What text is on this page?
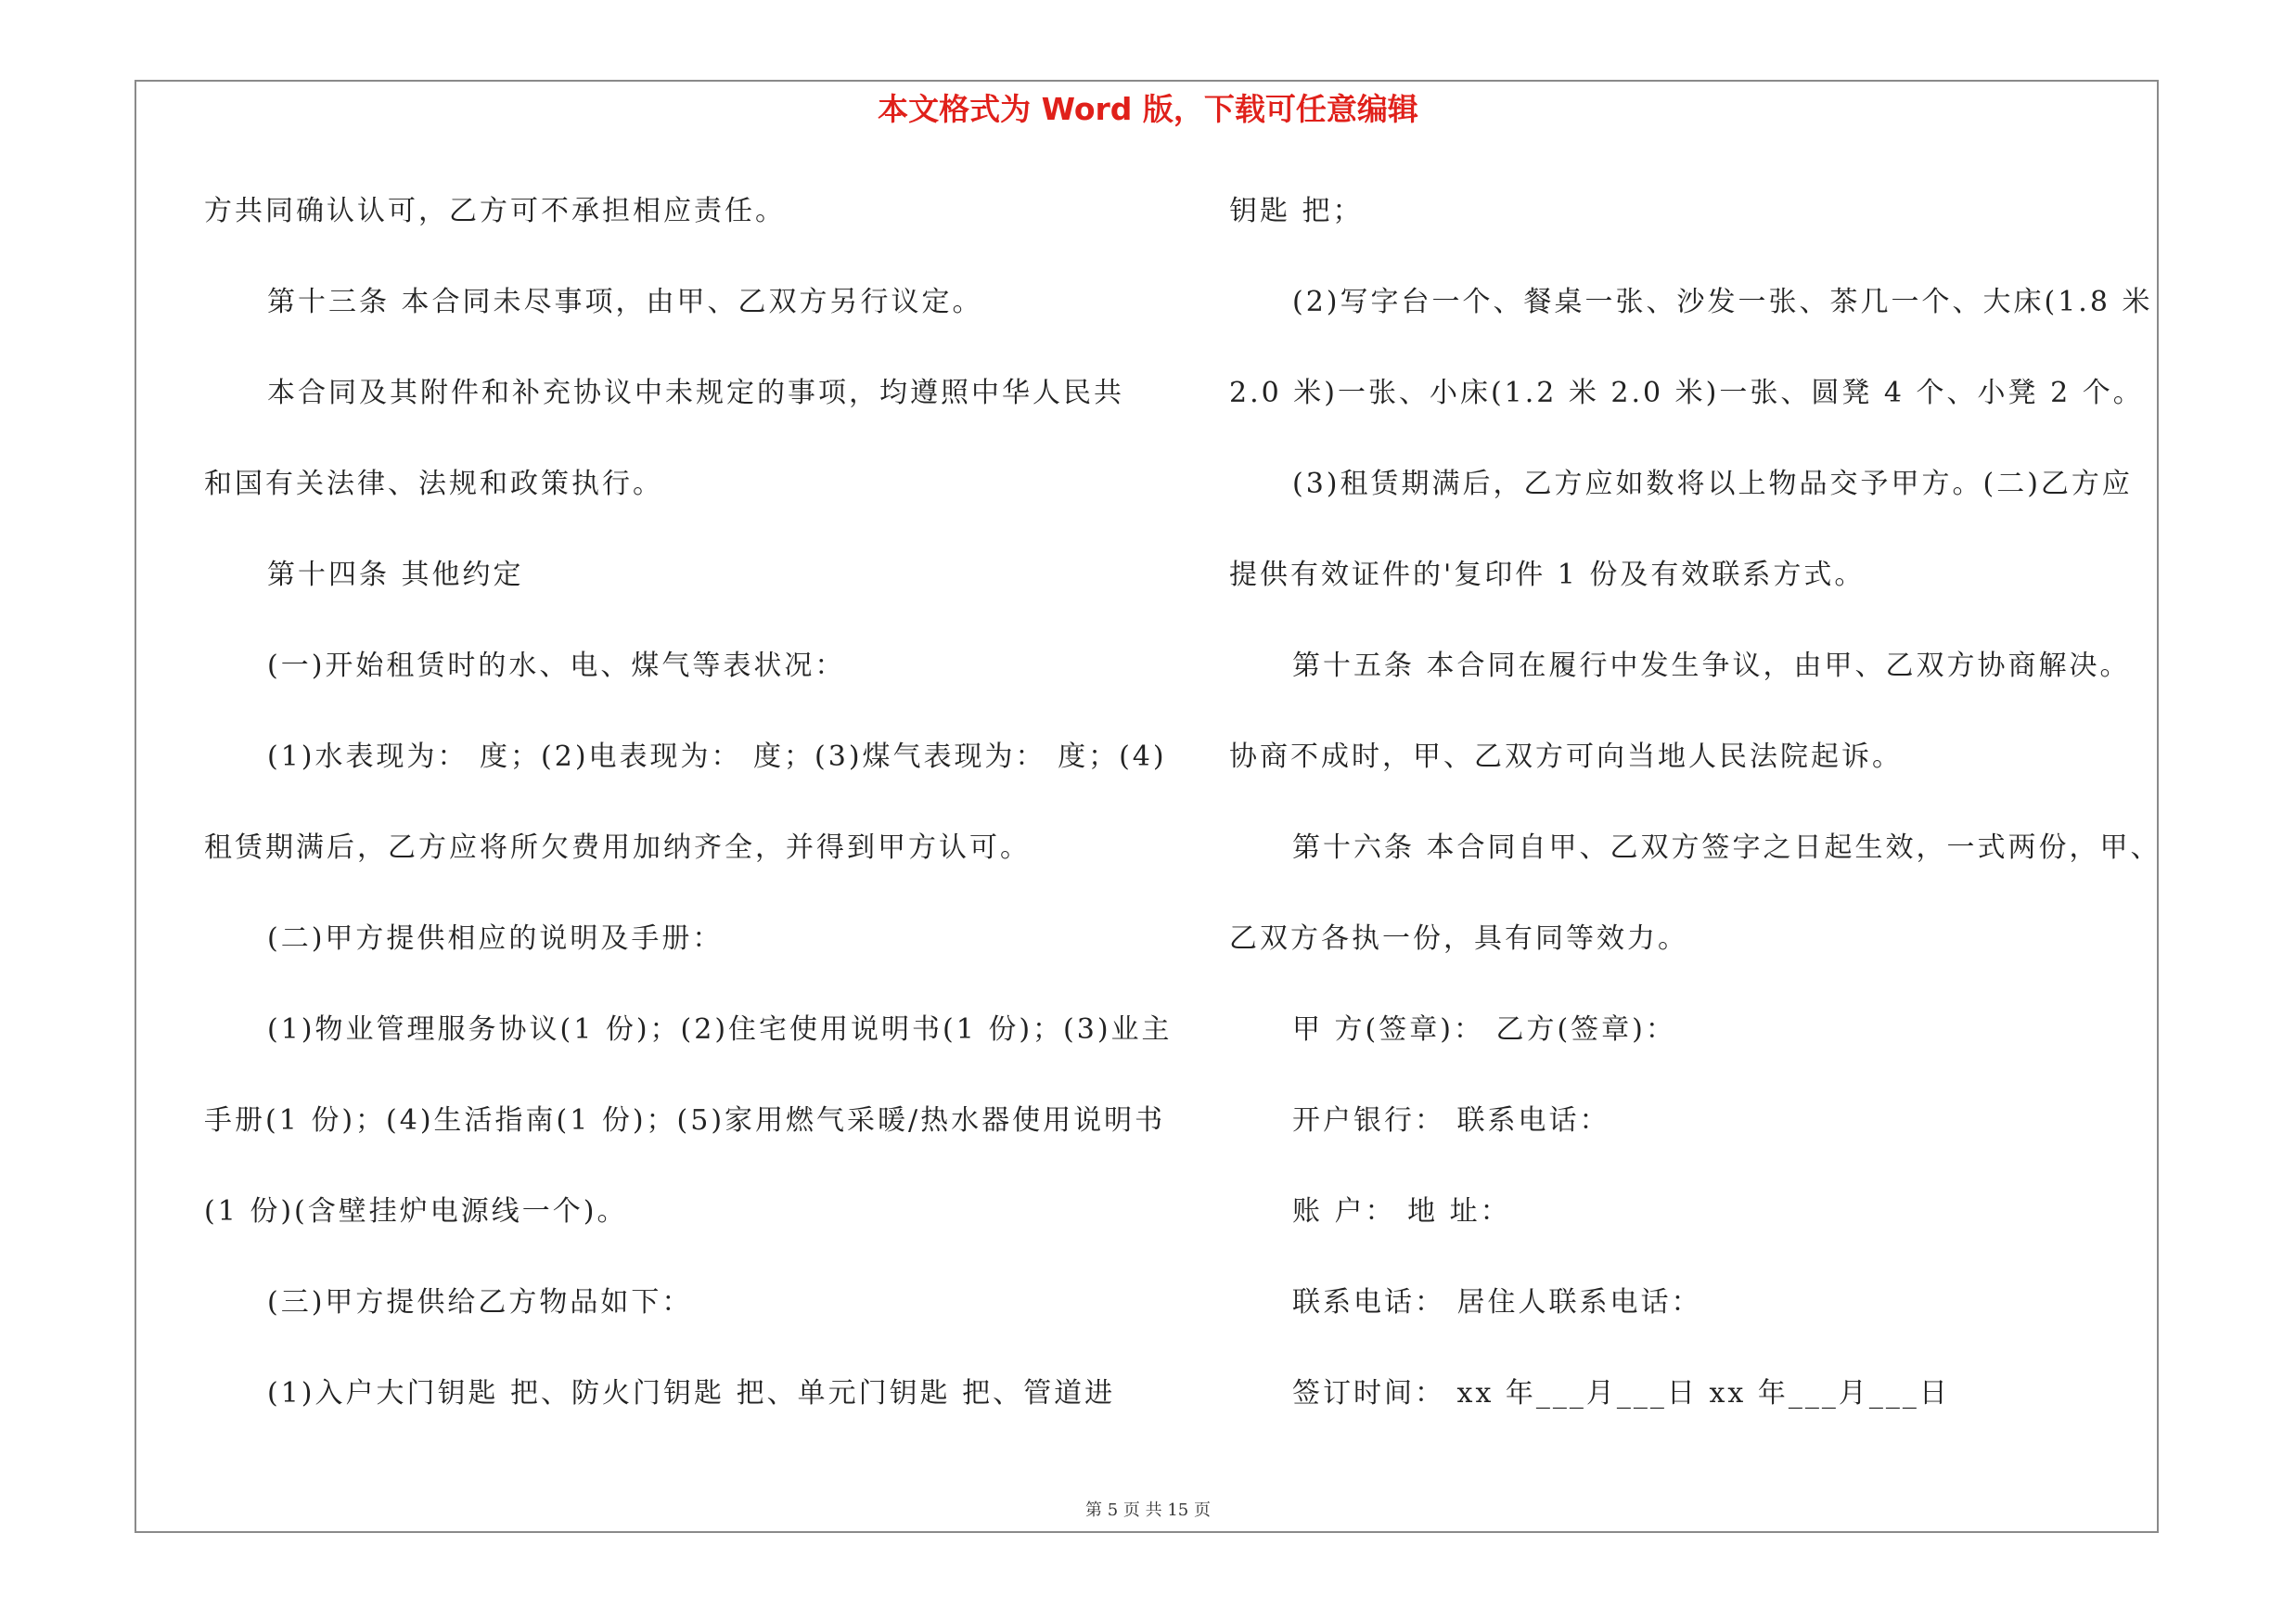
本文格式为 Word 版，下载可任意编辑
方共同确认认可，乙方可不承担相应责任。
第十三条 本合同未尽事项，由甲、乙双方另行议定。
本合同及其附件和补充协议中未规定的事项，均遵照中华人民共
和国有关法律、法规和政策执行。
第十四条 其他约定
(一)开始租赁时的水、电、煤气等表状况：
(1)水表现为： 度；(2)电表现为： 度；(3)煤气表现为： 度；(4)
租赁期满后，乙方应将所欠费用加纳齐全，并得到甲方认可。
(二)甲方提供相应的说明及手册：
(1)物业管理服务协议(1 份)；(2)住宅使用说明书(1 份)；(3)业主
手册(1 份)；(4)生活指南(1 份)；(5)家用燃气采暖/热水器使用说明书
(1 份)(含壁挂炉电源线一个)。
(三)甲方提供给乙方物品如下：
(1)入户大门钥匙 把、防火门钥匙 把、单元门钥匙 把、管道进
钥匙 把；
(2)写字台一个、餐桌一张、沙发一张、茶几一个、大床(1.8 米
2.0 米)一张、小床(1.2 米 2.0 米)一张、圆凳 4 个、小凳 2 个。
(3)租赁期满后，乙方应如数将以上物品交予甲方。(二)乙方应
提供有效证件的'复印件 1 份及有效联系方式。
第十五条 本合同在履行中发生争议，由甲、乙双方协商解决。
协商不成时，甲、乙双方可向当地人民法院起诉。
第十六条 本合同自甲、乙双方签字之日起生效，一式两份，甲、
乙双方各执一份，具有同等效力。
甲 方(签章)： 乙方(签章)：
开户银行： 联系电话：
账 户： 地 址：
联系电话： 居住人联系电话：
签订时间： xx 年___月___日 xx 年___月___日
第 5 页 共 15 页
